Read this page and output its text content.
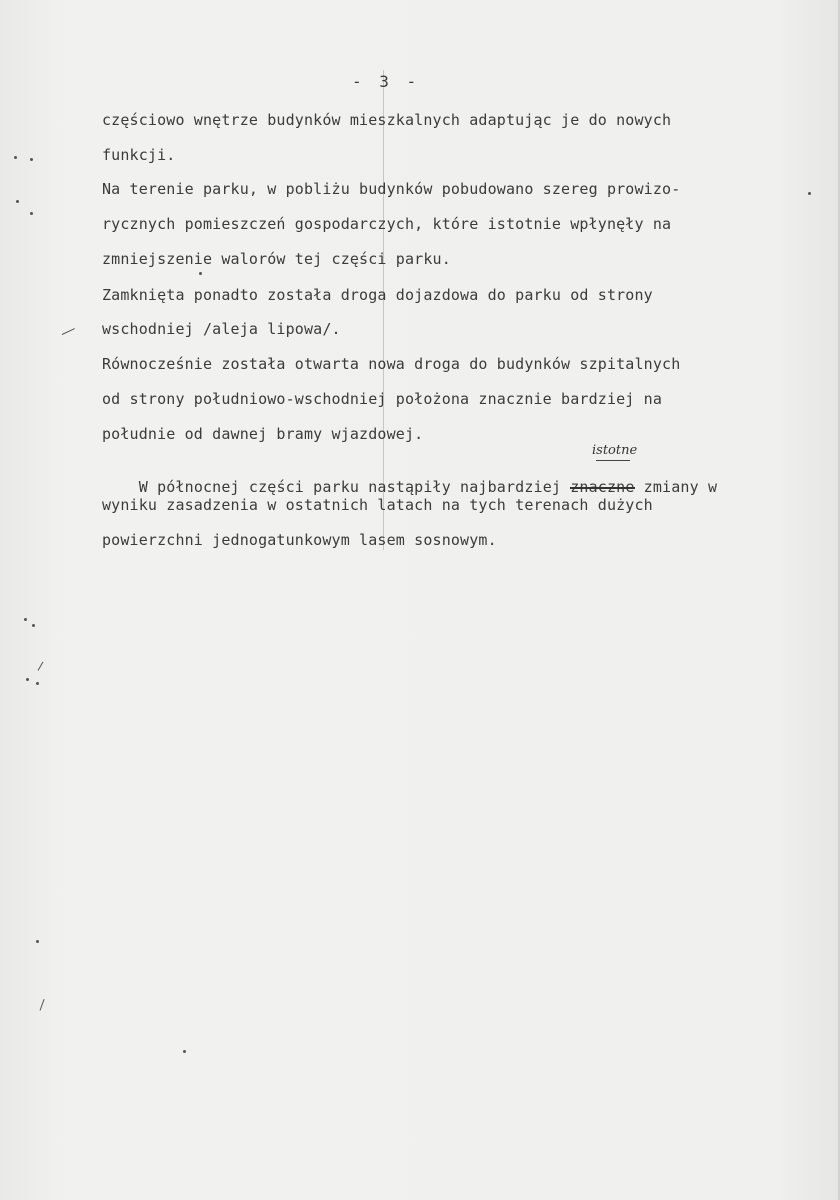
- 3 -
częściowo wnętrze budynków mieszkalnych adaptując je do nowych
funkcji.
Na terenie parku, w pobliżu budynków pobudowano szereg prowizo-
rycznych pomieszczeń gospodarczych, które istotnie wpłynęły na
zmniejszenie walorów tej części parku.
Zamknięta ponadto została droga dojazdowa do parku od strony
wschodniej /aleja lipowa/.
Równocześnie została otwarta nowa droga do budynków szpitalnych
od strony południowo-wschodniej położona znacznie bardziej na
południe od dawnej bramy wjazdowej.

W północnej części parku nastąpiły najbardziej znaczne
zmiany w

istotne
wyniku zasadzenia w ostatnich latach na tych terenach dużych
powierzchni jednogatunkowym lasem sosnowym.
